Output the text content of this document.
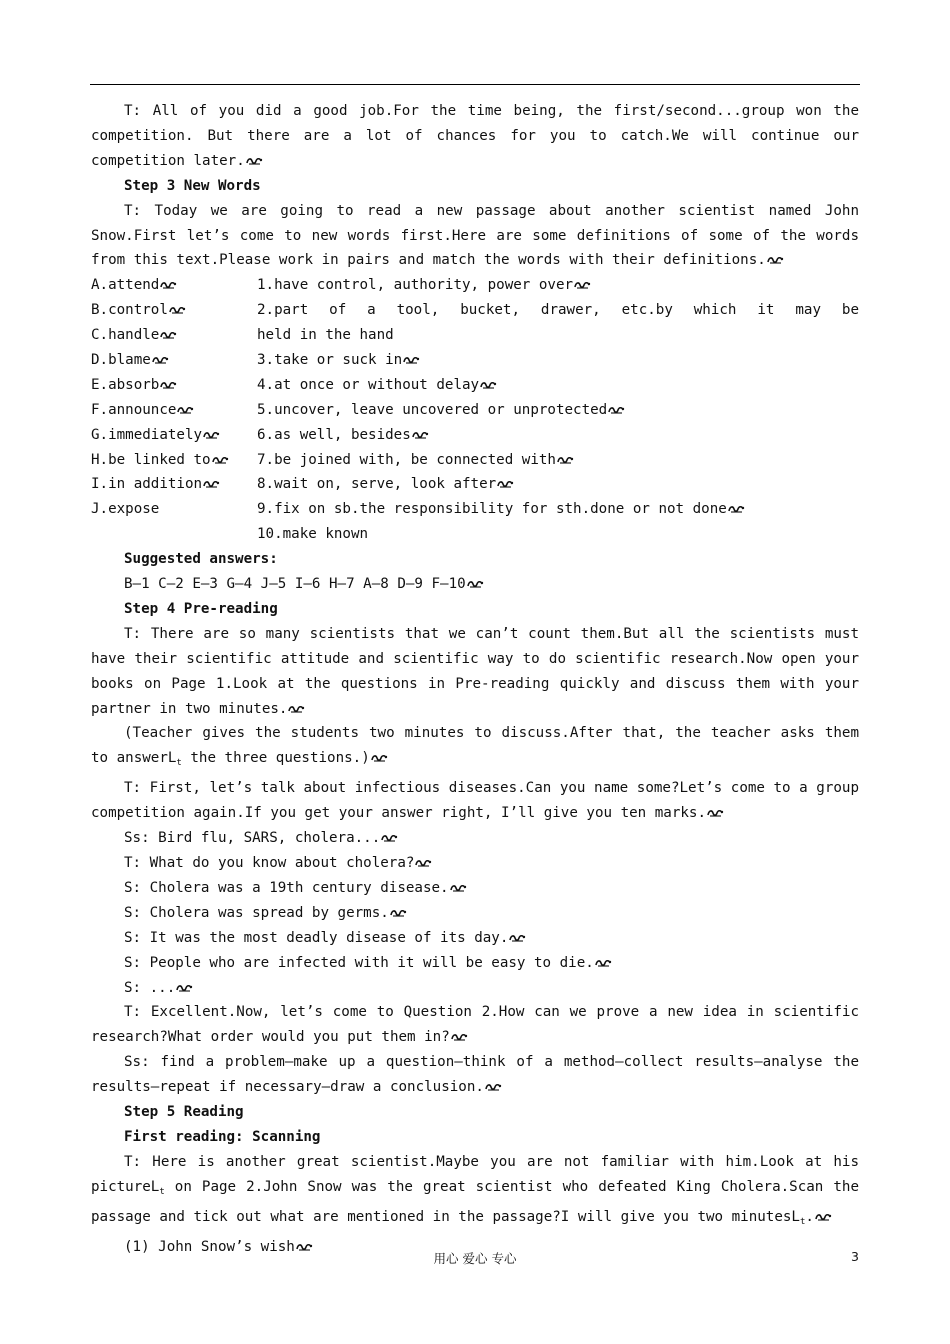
T: All of you did a good job.For the time being, the first/second...group won the competition. But there are a lot of chances for you to catch.We will continue our competition later.

Step 3 New Words

T: Today we are going to read a new passage about another scientist named John Snow.First let’s come to new words first.Here are some definitions of some of the words from this text.Please work in pairs and match the words with their definitions.

A.attend	1.have control, authority, power over
B.control	2.part of a tool, bucket, drawer, etc.by which it may be
C.handle	held in the hand
D.blame	3.take or suck in
E.absorb	4.at once or without delay
F.announce	5.uncover, leave uncovered or unprotected
G.immediately	6.as well, besides
H.be linked to	7.be joined with, be connected with
I.in addition	8.wait on, serve, look after
J.expose	9.fix on sb.the responsibility for sth.done or not done
10.make known

Suggested answers:

B—1 C—2 E—3 G—4 J—5 I—6 H—7 A—8 D—9 F—10

Step 4 Pre-reading

T: There are so many scientists that we can’t count them.But all the scientists must have their scientific attitude and scientific way to do scientific research.Now open your books on Page 1.Look at the questions in Pre-reading quickly and discuss them with your partner in two minutes.

(Teacher gives the students two minutes to discuss.After that, the teacher asks them to answerL$_t$ the three questions.)

T: First, let’s talk about infectious diseases.Can you name some?Let’s come to a group competition again.If you get your answer right, I’ll give you ten marks.

Ss: Bird flu, SARS, cholera...

T: What do you know about cholera?

S: Cholera was a 19th century disease.

S: Cholera was spread by germs.

S: It was the most deadly disease of its day.

S: People who are infected with it will be easy to die.

S: ...

T: Excellent.Now, let’s come to Question 2.How can we prove a new idea in scientific research?What order would you put them in?

Ss: find a problem—make up a question—think of a method—collect results—analyse the results—repeat if necessary—draw a conclusion.

Step 5 Reading

First reading: Scanning

T: Here is another great scientist.Maybe you are not familiar with him.Look at his pictureL$_t$ on Page 2.John Snow was the great scientist who defeated King Cholera.Scan the passage and tick out what are mentioned in the passage?I will give you two minutesL$_t$.

(1) John Snow’s wish

用心 爱心 专心	3
